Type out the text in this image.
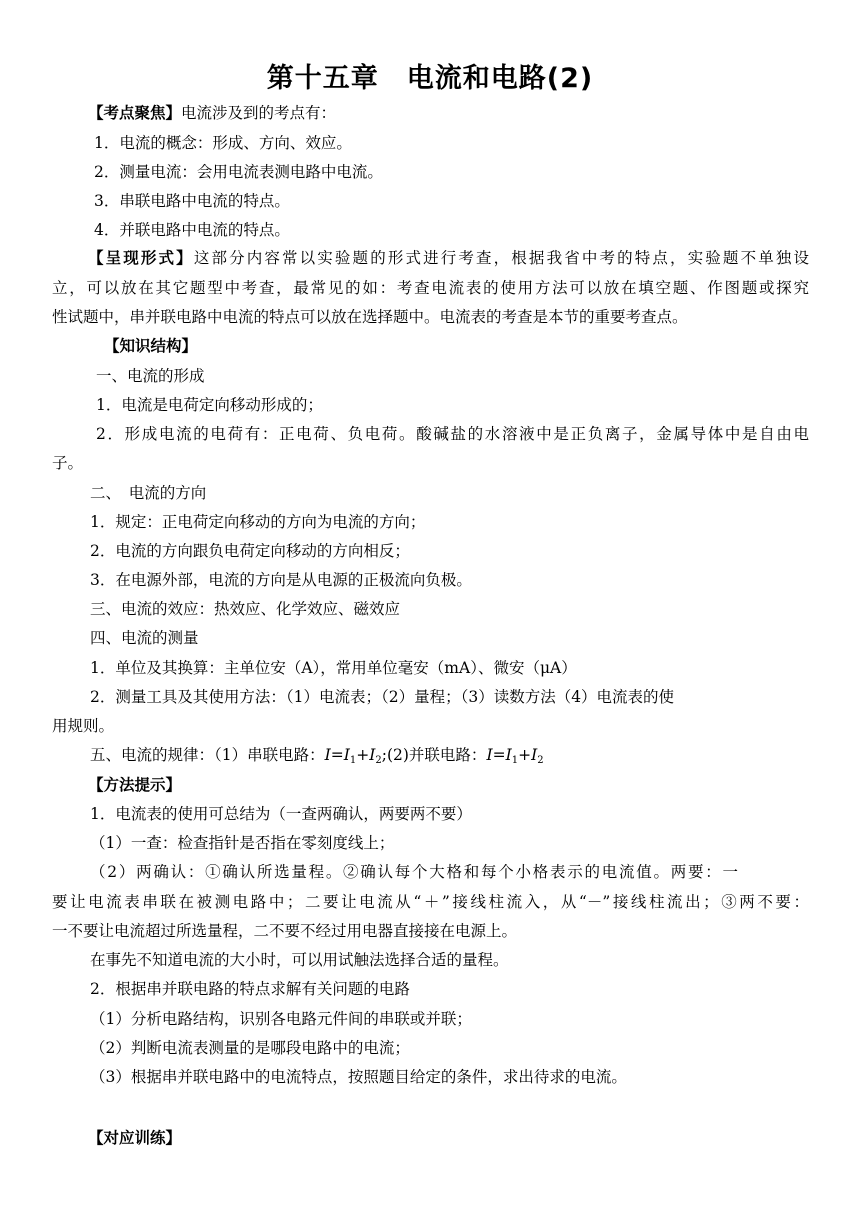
第十五章　电流和电路(2)
【考点聚焦】电流涉及到的考点有：
1．电流的概念：形成、方向、效应。
2．测量电流：会用电流表测电路中电流。
3．串联电路中电流的特点。
4．并联电路中电流的特点。
【呈现形式】这部分内容常以实验题的形式进行考查，根据我省中考的特点，实验题不单独设
立，可以放在其它题型中考查，最常见的如：考查电流表的使用方法可以放在填空题、作图题或探究
性试题中，串并联电路中电流的特点可以放在选择题中。电流表的考查是本节的重要考查点。
【知识结构】
一、电流的形成
1．电流是电荷定向移动形成的；
2．形成电流的电荷有：正电荷、负电荷。酸碱盐的水溶液中是正负离子，金属导体中是自由电
子。
二、　电流的方向
1．规定：正电荷定向移动的方向为电流的方向；
2．电流的方向跟负电荷定向移动的方向相反；
3．在电源外部，电流的方向是从电源的正极流向负极。
三、电流的效应：热效应、化学效应、磁效应
四、电流的测量
1．单位及其换算：主单位安（A），常用单位毫安（mA）、微安（μA）
2．测量工具及其使用方法：（1）电流表；（2）量程；（3）读数方法（4）电流表的使
用规则。
五、电流的规律：（1）串联电路：$I=I_1+I_2;(2)$并联电路：$I=I_1+I_2$
【方法提示】
1．电流表的使用可总结为（一查两确认，两要两不要）
（1）一查：检查指针是否指在零刻度线上；
（2）两确认：①确认所选量程。②确认每个大格和每个小格表示的电流值。两要：一
要让电流表串联在被测电路中；二要让电流从“＋”接线柱流入，从“－”接线柱流出；③两不要：
一不要让电流超过所选量程，二不要不经过用电器直接接在电源上。
在事先不知道电流的大小时，可以用试触法选择合适的量程。
2．根据串并联电路的特点求解有关问题的电路
（1）分析电路结构，识别各电路元件间的串联或并联；
（2）判断电流表测量的是哪段电路中的电流；
（3）根据串并联电路中的电流特点，按照题目给定的条件，求出待求的电流。
【对应训练】
